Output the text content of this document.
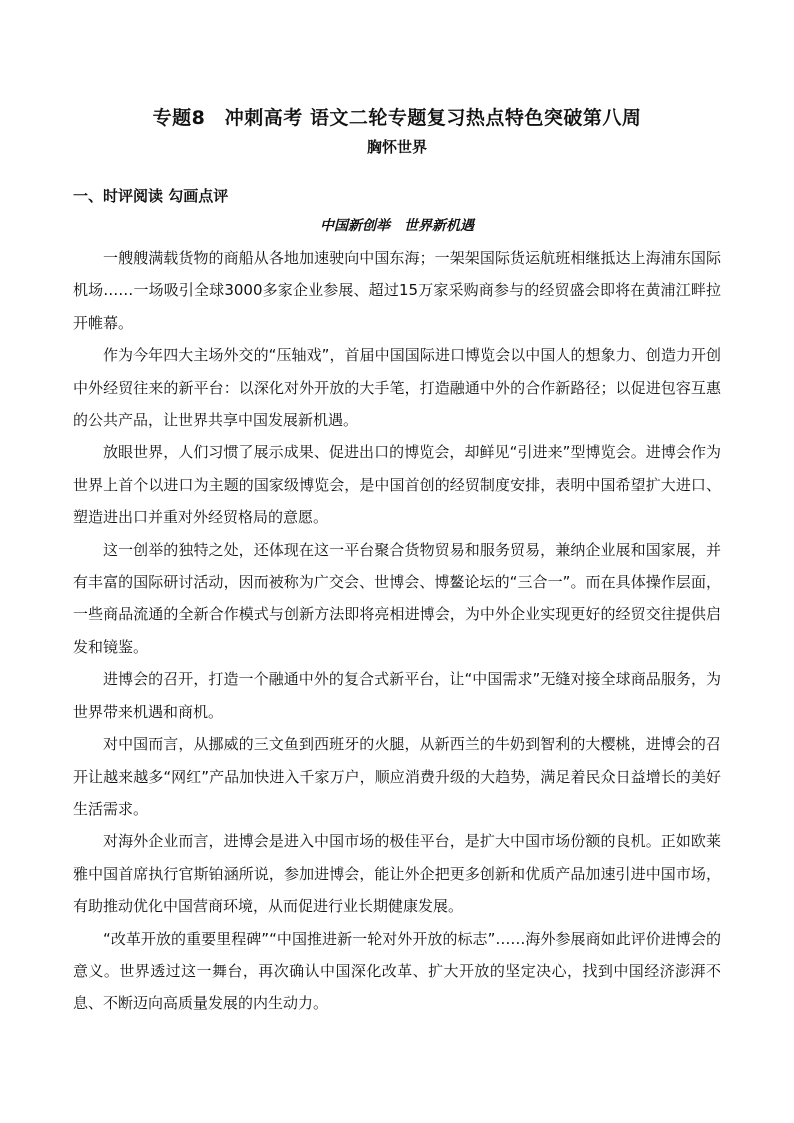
专题8　冲刺高考 语文二轮专题复习热点特色突破第八周
胸怀世界
一、时评阅读 勾画点评
中国新创举　世界新机遇

一艘艘满载货物的商船从各地加速驶向中国东海；一架架国际货运航班相继抵达上海浦东国际机场……一场吸引全球3000多家企业参展、超过15万家采购商参与的经贸盛会即将在黄浦江畔拉开帷幕。

作为今年四大主场外交的“压轴戏”，首届中国国际进口博览会以中国人的想象力、创造力开创中外经贸往来的新平台：以深化对外开放的大手笔，打造融通中外的合作新路径；以促进包容互惠的公共产品，让世界共享中国发展新机遇。

放眼世界，人们习惯了展示成果、促进出口的博览会，却鲜见“引进来”型博览会。进博会作为世界上首个以进口为主题的国家级博览会，是中国首创的经贸制度安排，表明中国希望扩大进口、塑造进出口并重对外经贸格局的意愿。

这一创举的独特之处，还体现在这一平台聚合货物贸易和服务贸易，兼纳企业展和国家展，并有丰富的国际研讨活动，因而被称为广交会、世博会、博鳌论坛的“三合一”。而在具体操作层面，一些商品流通的全新合作模式与创新方法即将亮相进博会，为中外企业实现更好的经贸交往提供启发和镜鉴。

进博会的召开，打造一个融通中外的复合式新平台，让“中国需求”无缝对接全球商品服务，为世界带来机遇和商机。

对中国而言，从挪威的三文鱼到西班牙的火腿，从新西兰的牛奶到智利的大樱桃，进博会的召开让越来越多“网红”产品加快进入千家万户，顺应消费升级的大趋势，满足着民众日益增长的美好生活需求。

对海外企业而言，进博会是进入中国市场的极佳平台，是扩大中国市场份额的良机。正如欧莱雅中国首席执行官斯铂涵所说，参加进博会，能让外企把更多创新和优质产品加速引进中国市场，有助推动优化中国营商环境，从而促进行业长期健康发展。

“改革开放的重要里程碑”“中国推进新一轮对外开放的标志”……海外参展商如此评价进博会的意义。世界透过这一舞台，再次确认中国深化改革、扩大开放的坚定决心，找到中国经济澎湃不息、不断迈向高质量发展的内生动力。
